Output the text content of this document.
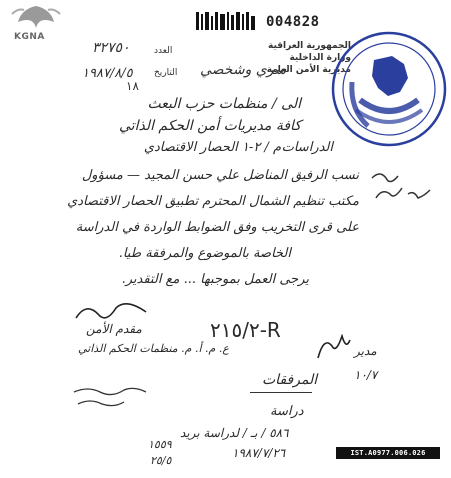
KGNA
004828
٣٢٧٥٠
١٩٨٧/٨/٥
١٨
العدد
التاريخ سري وشخصي
الجمهورية العراقية
وزارة الداخلية
مديرية الأمن العامة
الى / منظمات حزب البعث
كافة مديريات أمن الحكم الذاتي
الدراسات
م / ٢-١ الحصار الاقتصادي
نسب الرفيق المناضل علي حسن المجيد — مسؤول
مكتب تنظيم الشمال المحترم تطبيق الحصار الاقتصادي
على قرى التخريب وفق الضوابط الواردة في الدراسة
الخاصة بالموضوع والمرفقة طيا.
يرجى العمل بموجبها ... مع التقدير.
مقدم الأمن
ع. م. أ. م. منظمات الحكم الذاتي
٢١٥/٢-R
مدير
١٠/٧
المرفقات
دراسة
٥٨٦ / بـ / لدراسة بريد
١٩٨٧/٧/٢٦
١٥٥٩
٢٥/٥
IST.A0977.006.026
